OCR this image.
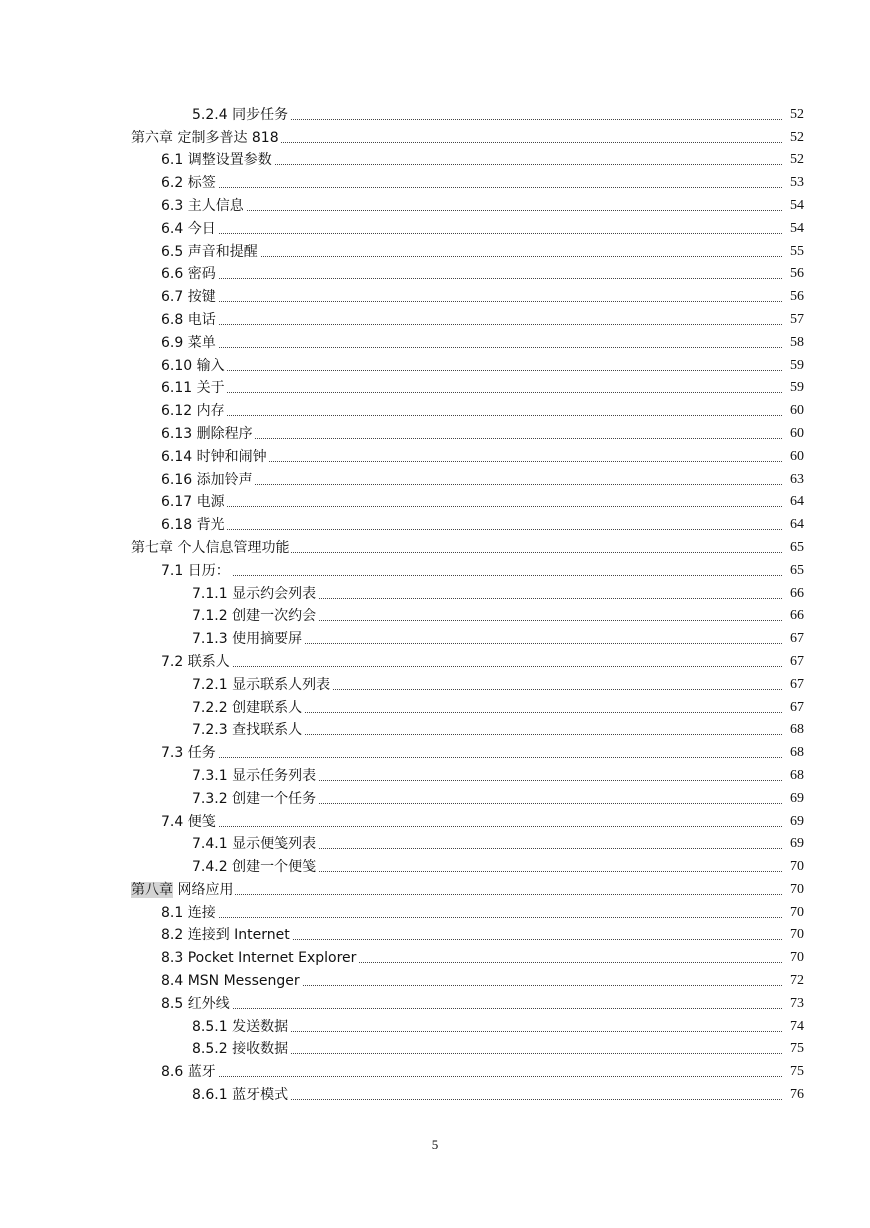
5.2.4 同步任务	52
第六章 定制多普达 818	52
6.1 调整设置参数	52
6.2 标签	53
6.3 主人信息	54
6.4 今日	54
6.5 声音和提醒	55
6.6 密码	56
6.7 按键	56
6.8 电话	57
6.9 菜单	58
6.10 输入	59
6.11 关于	59
6.12 内存	60
6.13 删除程序	60
6.14 时钟和闹钟	60
6.16 添加铃声	63
6.17 电源	64
6.18 背光	64
第七章 个人信息管理功能	65
7.1 日历：	65
7.1.1 显示约会列表	66
7.1.2 创建一次约会	66
7.1.3 使用摘要屏	67
7.2 联系人	67
7.2.1 显示联系人列表	67
7.2.2 创建联系人	67
7.2.3 查找联系人	68
7.3 任务	68
7.3.1 显示任务列表	68
7.3.2 创建一个任务	69
7.4 便笺	69
7.4.1 显示便笺列表	69
7.4.2 创建一个便笺	70
第八章 网络应用	70
8.1 连接	70
8.2 连接到 Internet	70
8.3 Pocket Internet Explorer	70
8.4 MSN Messenger	72
8.5 红外线	73
8.5.1 发送数据	74
8.5.2 接收数据	75
8.6 蓝牙	75
8.6.1 蓝牙模式	76
5
